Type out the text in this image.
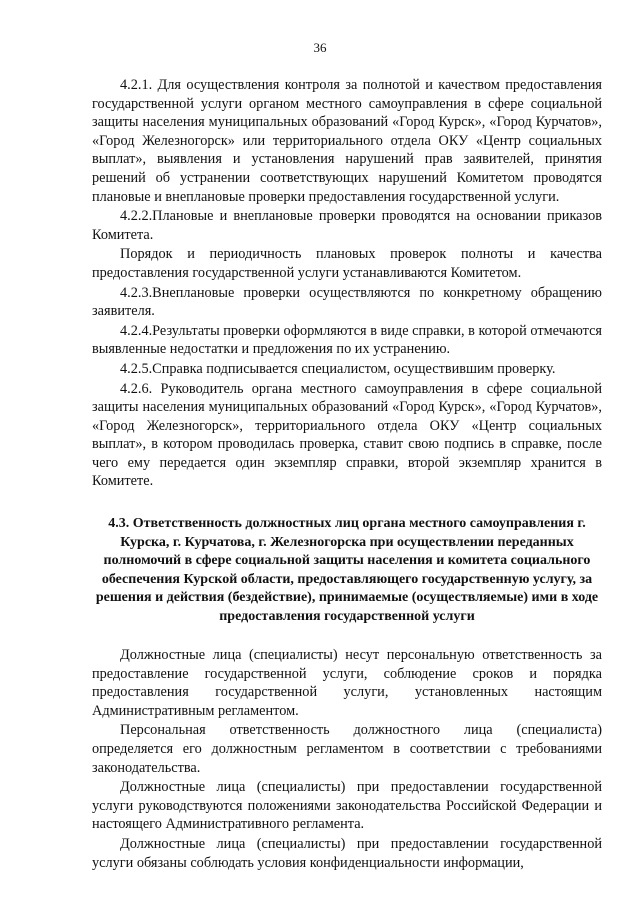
36

4.2.1. Для осуществления контроля за полнотой и качеством предоставления государственной услуги органом местного самоуправления в сфере социальной защиты населения муниципальных образований «Город Курск», «Город Курчатов», «Город Железногорск» или территориального отдела ОКУ «Центр социальных выплат», выявления и установления нарушений прав заявителей, принятия решений об устранении соответствующих нарушений Комитетом проводятся плановые и внеплановые проверки предоставления государственной услуги.

4.2.2.Плановые и внеплановые проверки проводятся на основании приказов Комитета.

Порядок и периодичность плановых проверок полноты и качества предоставления государственной услуги устанавливаются Комитетом.

4.2.3.Внеплановые проверки осуществляются по конкретному обращению заявителя.

4.2.4.Результаты проверки оформляются в виде справки, в которой отмечаются выявленные недостатки и предложения по их устранению.

4.2.5.Справка подписывается специалистом, осуществившим проверку.

4.2.6. Руководитель органа местного самоуправления в сфере социальной защиты населения муниципальных образований «Город Курск», «Город Курчатов», «Город Железногорск», территориального отдела ОКУ «Центр социальных выплат», в котором проводилась проверка, ставит свою подпись в справке, после чего ему передается один экземпляр справки, второй экземпляр хранится в Комитете.

4.3. Ответственность должностных лиц органа местного самоуправления г. Курска, г. Курчатова, г. Железногорска при осуществлении переданных полномочий в сфере социальной защиты населения и комитета социального обеспечения Курской области, предоставляющего государственную услугу, за решения и действия (бездействие), принимаемые (осуществляемые) ими в ходе предоставления государственной услуги

Должностные лица (специалисты) несут персональную ответственность за предоставление государственной услуги, соблюдение сроков и порядка предоставления государственной услуги, установленных настоящим Административным регламентом.

Персональная ответственность должностного лица (специалиста) определяется его должностным регламентом в соответствии с требованиями законодательства.

Должностные лица (специалисты) при предоставлении государственной услуги руководствуются положениями законодательства Российской Федерации и настоящего Административного регламента.

Должностные лица (специалисты) при предоставлении государственной услуги обязаны соблюдать условия конфиденциальности информации,
